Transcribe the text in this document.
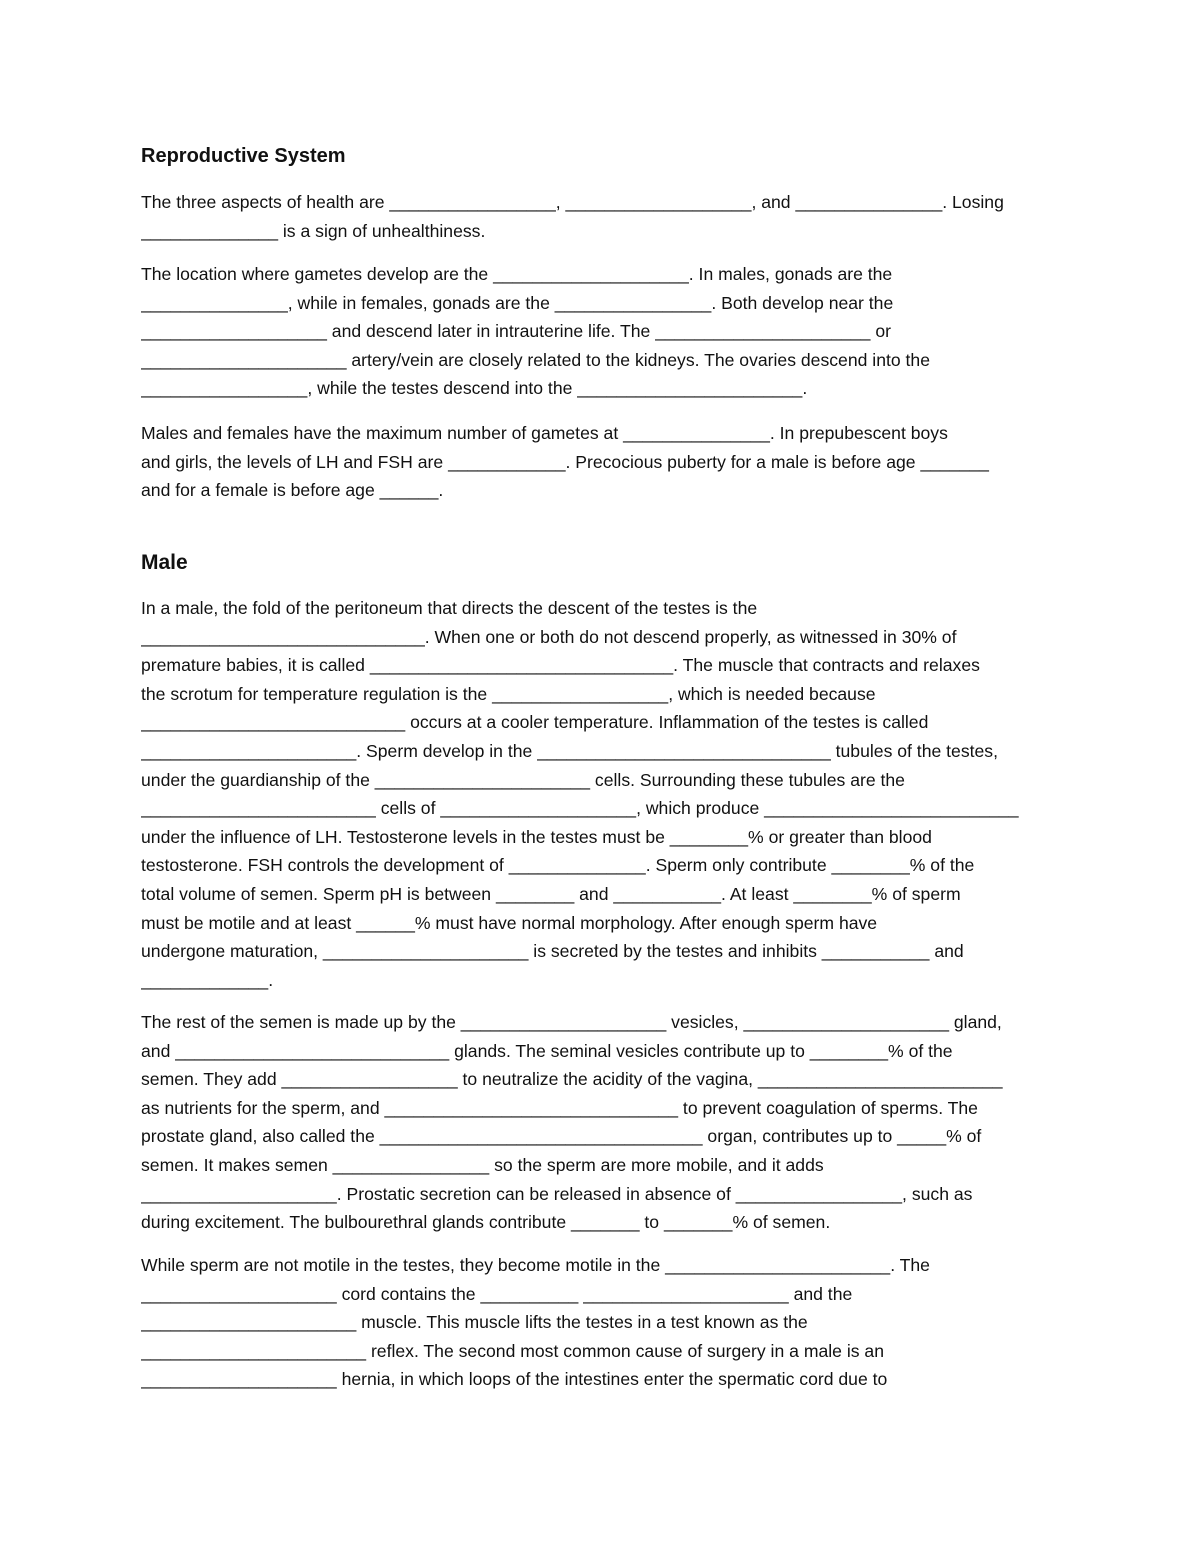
Reproductive System
The three aspects of health are _________________, ___________________, and _______________. Losing
______________ is a sign of unhealthiness.
The location where gametes develop are the ____________________. In males, gonads are the
_______________, while in females, gonads are the ________________. Both develop near the
___________________ and descend later in intrauterine life. The ______________________ or
_____________________ artery/vein are closely related to the kidneys. The ovaries descend into the
_________________, while the testes descend into the _______________________.
Males and females have the maximum number of gametes at _______________. In prepubescent boys
and girls, the levels of LH and FSH are ____________. Precocious puberty for a male is before age _______
and for a female is before age ______.
Male
In a male, the fold of the peritoneum that directs the descent of the testes is the
_____________________________. When one or both do not descend properly, as witnessed in 30% of
premature babies, it is called _______________________________. The muscle that contracts and relaxes
the scrotum for temperature regulation is the __________________, which is needed because
___________________________ occurs at a cooler temperature. Inflammation of the testes is called
______________________. Sperm develop in the ______________________________ tubules of the testes,
under the guardianship of the ______________________ cells. Surrounding these tubules are the
________________________ cells of ____________________, which produce __________________________
under the influence of LH. Testosterone levels in the testes must be ________% or greater than blood
testosterone. FSH controls the development of ______________. Sperm only contribute ________% of the
total volume of semen. Sperm pH is between ________ and ___________. At least ________% of sperm
must be motile and at least ______% must have normal morphology. After enough sperm have
undergone maturation, _____________________ is secreted by the testes and inhibits ___________ and
_____________.
The rest of the semen is made up by the _____________________ vesicles, _____________________ gland,
and ____________________________ glands. The seminal vesicles contribute up to ________% of the
semen. They add __________________ to neutralize the acidity of the vagina, _________________________
as nutrients for the sperm, and ______________________________ to prevent coagulation of sperms. The
prostate gland, also called the _________________________________ organ, contributes up to _____% of
semen. It makes semen ________________ so the sperm are more mobile, and it adds
____________________. Prostatic secretion can be released in absence of _________________, such as
during excitement. The bulbourethral glands contribute _______ to _______% of semen.
While sperm are not motile in the testes, they become motile in the _______________________. The
____________________ cord contains the __________ _____________________ and the
______________________ muscle. This muscle lifts the testes in a test known as the
_______________________ reflex. The second most common cause of surgery in a male is an
____________________ hernia, in which loops of the intestines enter the spermatic cord due to
